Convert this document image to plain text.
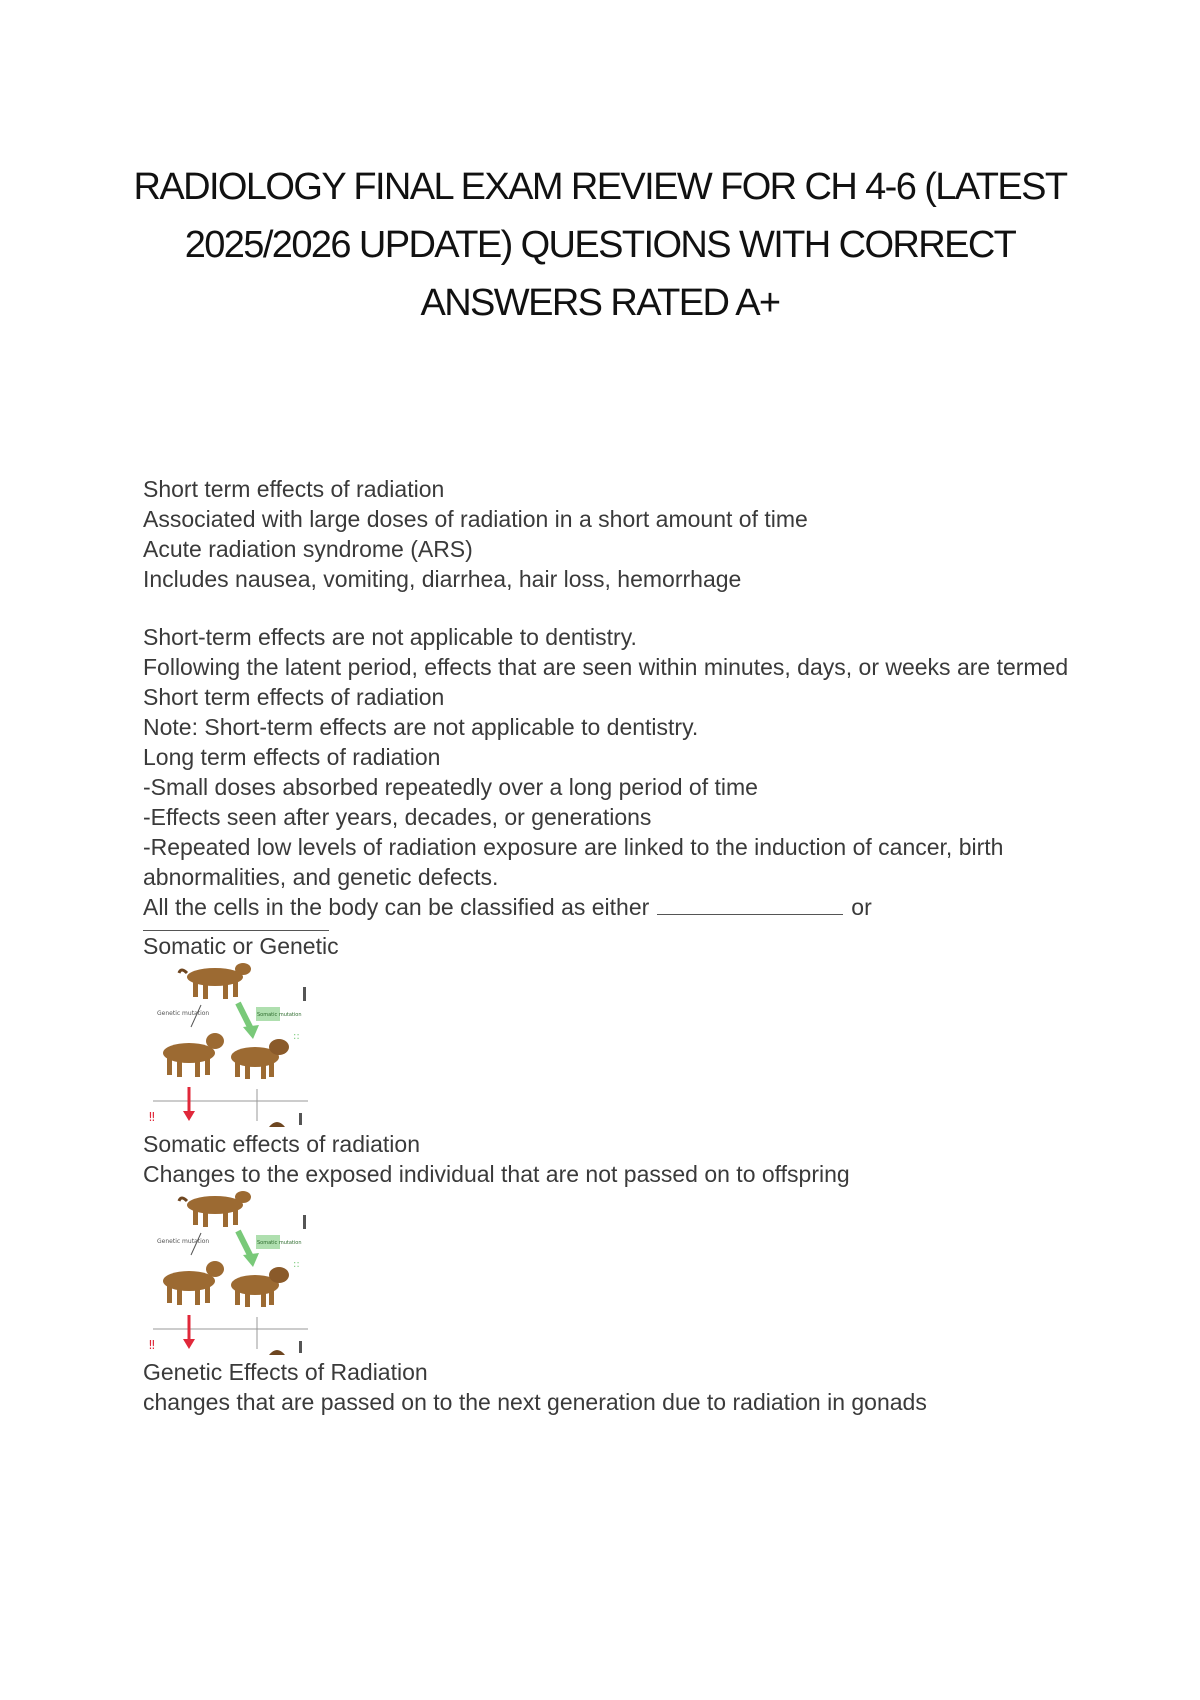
RADIOLOGY FINAL EXAM REVIEW FOR CH 4-6 (LATEST
2025/2026 UPDATE) QUESTIONS WITH CORRECT
ANSWERS RATED A+
Short term effects of radiation
Associated with large doses of radiation in a short amount of time
Acute radiation syndrome (ARS)
Includes nausea, vomiting, diarrhea, hair loss, hemorrhage
Short-term effects are not applicable to dentistry.
Following the latent period, effects that are seen within minutes, days, or weeks are termed
Short term effects of radiation
Note: Short-term effects are not applicable to dentistry.
Long term effects of radiation
-Small doses absorbed repeatedly over a long period of time
-Effects seen after years, decades, or generations
-Repeated low levels of radiation exposure are linked to the induction of cancer, birth abnormalities, and genetic defects.
All the cells in the body can be classified as either	or
Somatic or Genetic
Genetic mutation	Somatic mutation
::
‼
Somatic effects of radiation
Changes to the exposed individual that are not passed on to offspring
Genetic mutation	Somatic mutation
::
‼
Genetic Effects of Radiation
changes that are passed on to the next generation due to radiation in gonads
